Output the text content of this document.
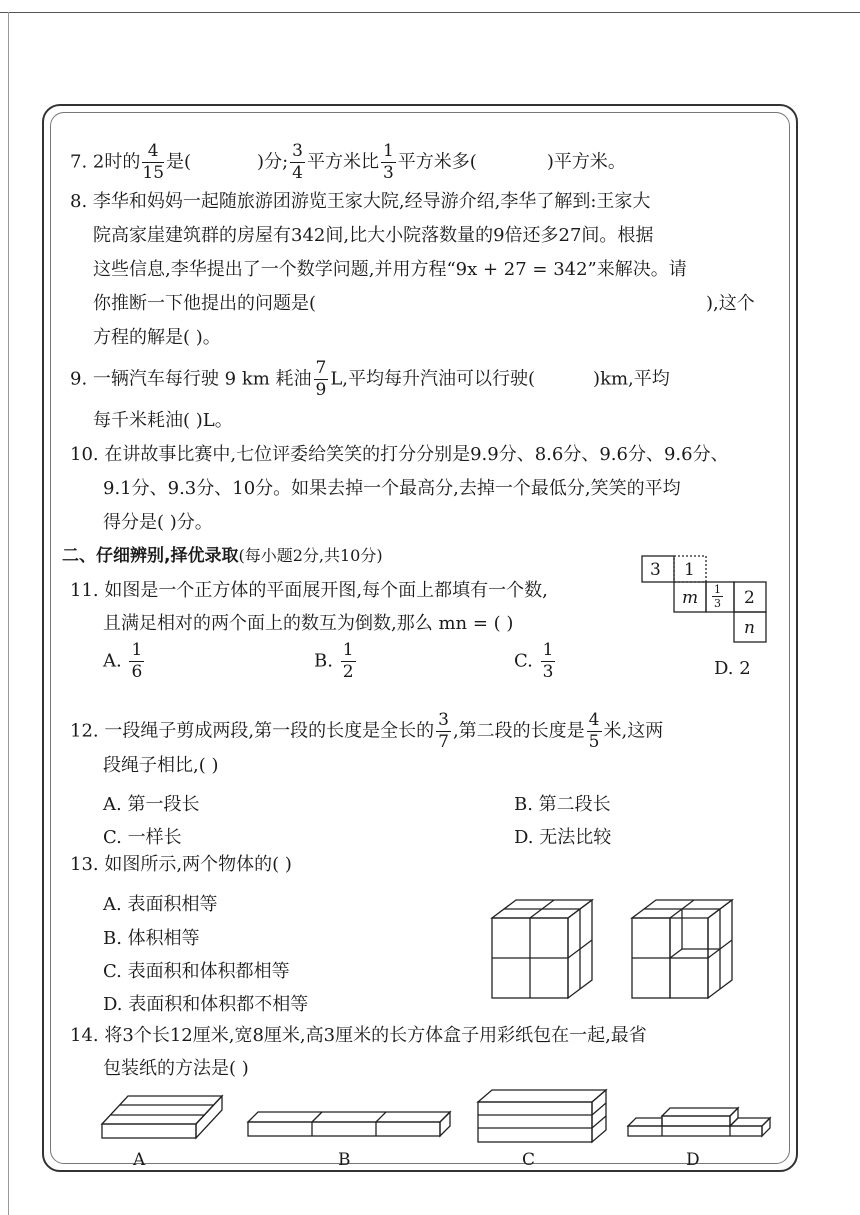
7. 2时的 $\frac{4}{15}$ 是(	)分; $\frac{3}{4}$ 平方米比 $\frac{1}{3}$ 平方米多(	)平方米。
8. 李华和妈妈一起随旅游团游览王家大院,经导游介绍,李华了解到:王家大
院高家崖建筑群的房屋有342间,比大小院落数量的9倍还多27间。根据
这些信息,李华提出了一个数学问题,并用方程“9x + 27 = 342”来解决。请
你推断一下他提出的问题是(	),这个
方程的解是( )。
9. 一辆汽车每行驶 9 km 耗油 $\frac{7}{9} L$,平均每升汽油可以行驶(	)km,平均
每千米耗油( )L。
10. 在讲故事比赛中,七位评委给笑笑的打分分别是9.9分、8.6分、9.6分、9.6分、
9.1分、9.3分、10分。如果去掉一个最高分,去掉一个最低分,笑笑的平均
得分是( )分。
二、仔细辨别,择优录取(每小题2分,共10分)
11. 如图是一个正方体的平面展开图,每个面上都填有一个数,
且满足相对的两个面上的数互为倒数,那么 mn = ( )
3 1
m $\frac{1}{3} 2$
n
A. $\frac{1}{6}$	B. $\frac{1}{2}$	C. $\frac{1}{3}$	D. 2
12. 一段绳子剪成两段,第一段的长度是全长的 $\frac{3}{7}$ ,第二段的长度是 $\frac{4}{5}$ 米,这两
段绳子相比,( )
A. 第一段长	B. 第二段长
C. 一样长	D. 无法比较
13. 如图所示,两个物体的( )
A. 表面积相等
B. 体积相等
C. 表面积和体积都相等
D. 表面积和体积都不相等
14. 将3个长12厘米,宽8厘米,高3厘米的长方体盒子用彩纸包在一起,最省
包装纸的方法是( )
A	B	C	D
